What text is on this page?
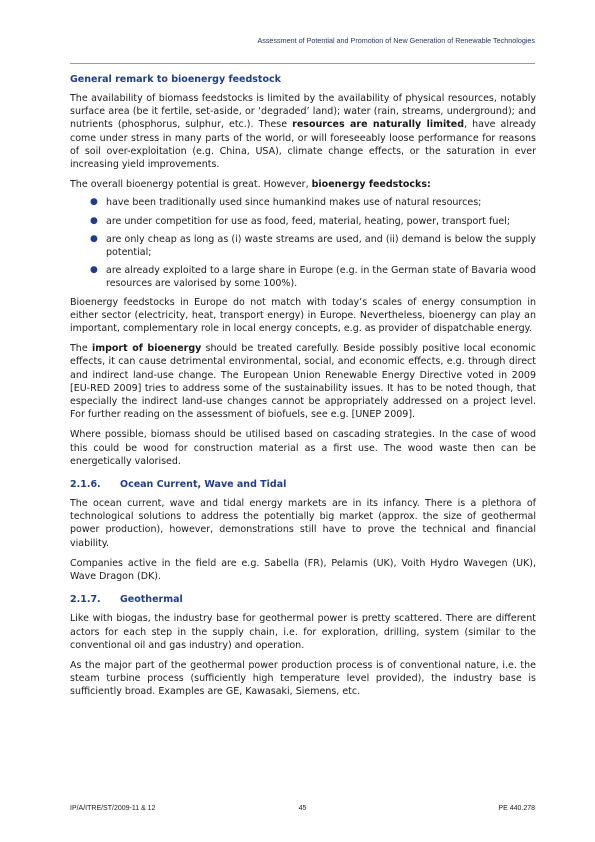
Assessment of Potential and Promotion of New Generation of Renewable Technologies
General remark to bioenergy feedstock

The availability of biomass feedstocks is limited by the availability of physical resources, notably surface area (be it fertile, set-aside, or ‘degraded’ land); water (rain, streams, underground); and nutrients (phosphorus, sulphur, etc.). These resources are naturally limited, have already come under stress in many parts of the world, or will foreseeably loose performance for reasons of soil over-exploitation (e.g. China, USA), climate change effects, or the saturation in ever increasing yield improvements.

The overall bioenergy potential is great. However, bioenergy feedstocks:

● have been traditionally used since humankind makes use of natural resources;
● are under competition for use as food, feed, material, heating, power, transport fuel;
● are only cheap as long as (i) waste streams are used, and (ii) demand is below the supply potential;
● are already exploited to a large share in Europe (e.g. in the German state of Bavaria wood resources are valorised by some 100%).

Bioenergy feedstocks in Europe do not match with today’s scales of energy consumption in either sector (electricity, heat, transport energy) in Europe. Nevertheless, bioenergy can play an important, complementary role in local energy concepts, e.g. as provider of dispatchable energy.

The import of bioenergy should be treated carefully. Beside possibly positive local economic effects, it can cause detrimental environmental, social, and economic effects, e.g. through direct and indirect land-use change. The European Union Renewable Energy Directive voted in 2009 [EU-RED 2009] tries to address some of the sustainability issues. It has to be noted though, that especially the indirect land-use changes cannot be appropriately addressed on a project level. For further reading on the assessment of biofuels, see e.g. [UNEP 2009].

Where possible, biomass should be utilised based on cascading strategies. In the case of wood this could be wood for construction material as a first use. The wood waste then can be energetically valorised.

2.1.6. Ocean Current, Wave and Tidal

The ocean current, wave and tidal energy markets are in its infancy. There is a plethora of technological solutions to address the potentially big market (approx. the size of geothermal power production), however, demonstrations still have to prove the technical and financial viability.

Companies active in the field are e.g. Sabella (FR), Pelamis (UK), Voith Hydro Wavegen (UK), Wave Dragon (DK).

2.1.7. Geothermal

Like with biogas, the industry base for geothermal power is pretty scattered. There are different actors for each step in the supply chain, i.e. for exploration, drilling, system (similar to the conventional oil and gas industry) and operation.

As the major part of the geothermal power production process is of conventional nature, i.e. the steam turbine process (sufficiently high temperature level provided), the industry base is sufficiently broad. Examples are GE, Kawasaki, Siemens, etc.

IP/A/ITRE/ST/2009-11 & 12	45	PE 440.278
